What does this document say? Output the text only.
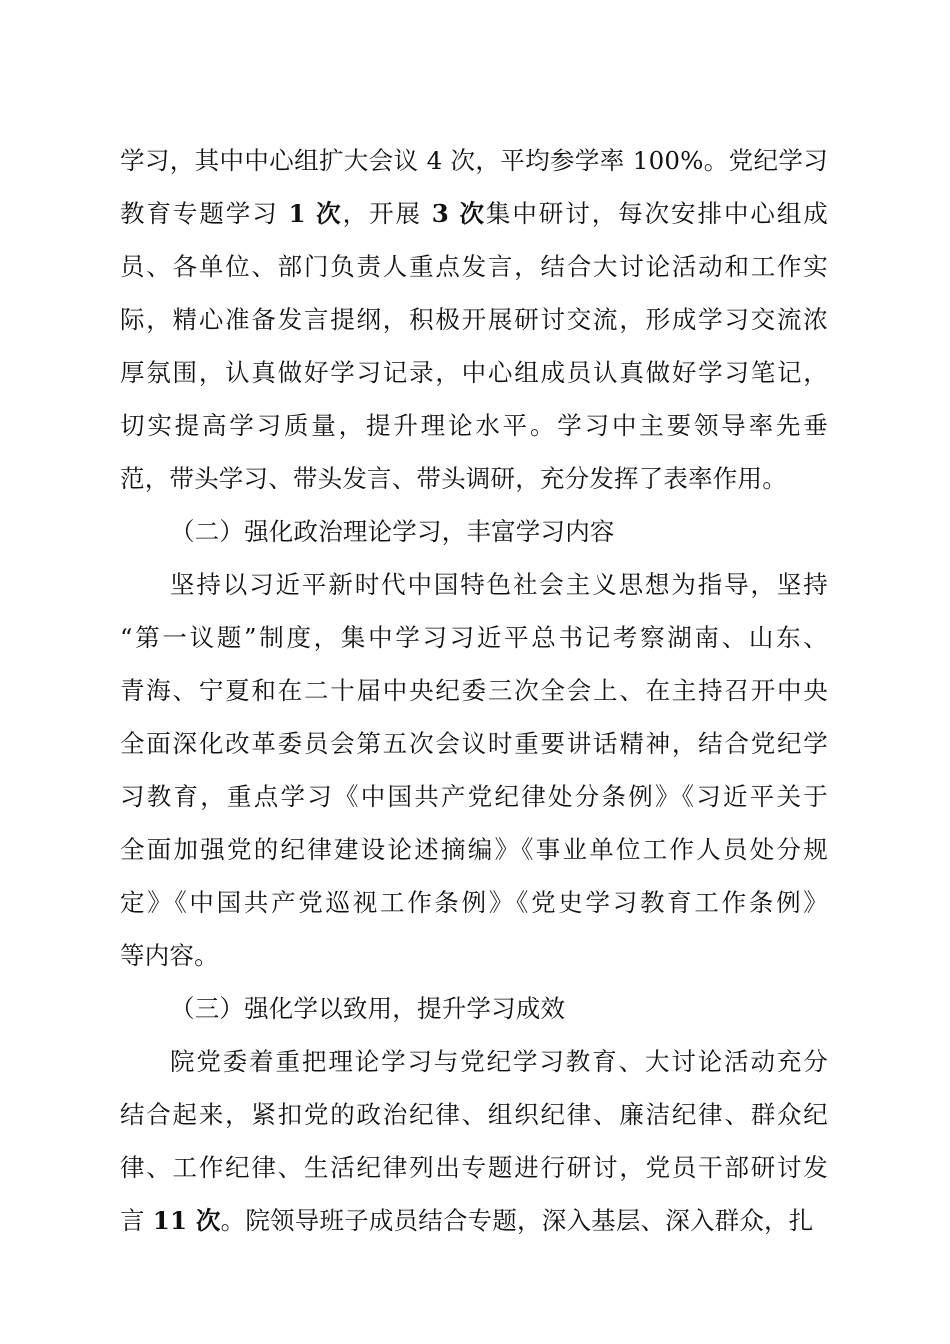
学习，其中中心组扩大会议 4 次，平均参学率 100%。党纪学习
教育专题学习 1 次，开展 3 次集中研讨，每次安排中心组成
员、各单位、部门负责人重点发言，结合大讨论活动和工作实
际，精心准备发言提纲，积极开展研讨交流，形成学习交流浓
厚氛围，认真做好学习记录，中心组成员认真做好学习笔记，
切实提高学习质量，提升理论水平。学习中主要领导率先垂
范，带头学习、带头发言、带头调研，充分发挥了表率作用。
（二）强化政治理论学习，丰富学习内容
坚持以习近平新时代中国特色社会主义思想为指导，坚持
“第一议题”制度，集中学习习近平总书记考察湖南、山东、
青海、宁夏和在二十届中央纪委三次全会上、在主持召开中央
全面深化改革委员会第五次会议时重要讲话精神，结合党纪学
习教育，重点学习《中国共产党纪律处分条例》《习近平关于
全面加强党的纪律建设论述摘编》《事业单位工作人员处分规
定》《中国共产党巡视工作条例》《党史学习教育工作条例》
等内容。
（三）强化学以致用，提升学习成效
院党委着重把理论学习与党纪学习教育、大讨论活动充分
结合起来，紧扣党的政治纪律、组织纪律、廉洁纪律、群众纪
律、工作纪律、生活纪律列出专题进行研讨，党员干部研讨发
言 11 次。院领导班子成员结合专题，深入基层、深入群众，扎
